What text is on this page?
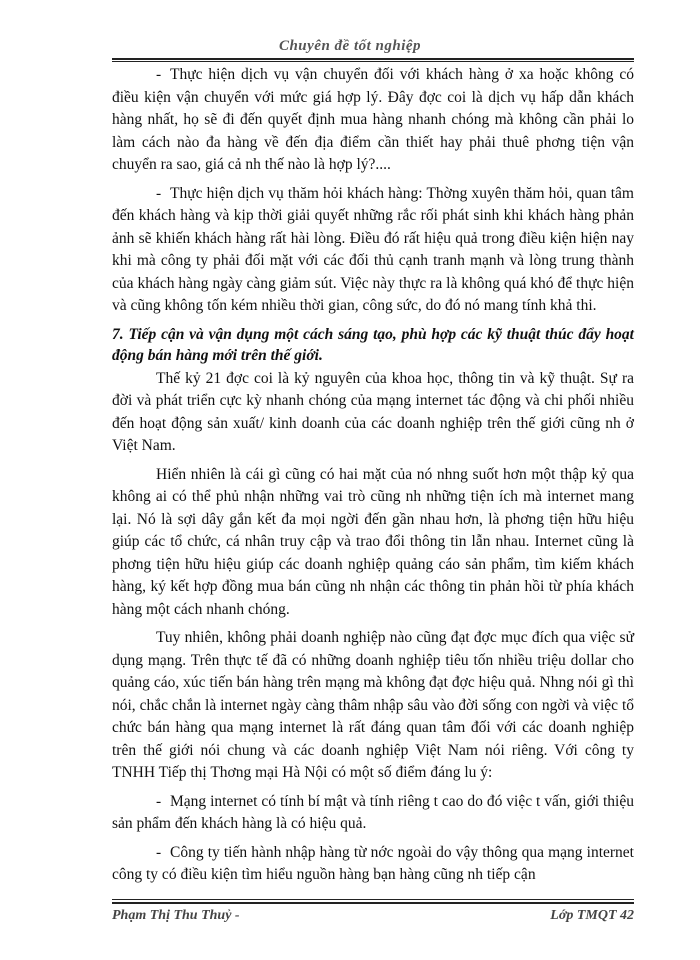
Chuyên đề tốt nghiệp

- Thực hiện dịch vụ vận chuyển đối với khách hàng ở xa hoặc không có điều kiện vận chuyển với mức giá hợp lý. Đây đợc coi là dịch vụ hấp dẫn khách hàng nhất, họ sẽ đi đến quyết định mua hàng nhanh chóng mà không cần phải lo làm cách nào đa hàng về đến địa điểm cần thiết hay phải thuê phơng tiện vận chuyển ra sao, giá cả nh thế nào là hợp lý?....

- Thực hiện dịch vụ thăm hỏi khách hàng: Thờng xuyên thăm hỏi, quan tâm đến khách hàng và kịp thời giải quyết những rắc rối phát sinh khi khách hàng phản ảnh sẽ khiến khách hàng rất hài lòng. Điều đó rất hiệu quả trong điều kiện hiện nay khi mà công ty phải đối mặt với các đối thủ cạnh tranh mạnh và lòng trung thành của khách hàng ngày càng giảm sút. Việc này thực ra là không quá khó để thực hiện và cũng không tốn kém nhiều thời gian, công sức, do đó nó mang tính khả thi.

7. Tiếp cận và vận dụng một cách sáng tạo, phù hợp các kỹ thuật thúc đẩy hoạt động bán hàng mới trên thế giới.

Thế kỷ 21 đợc coi là kỷ nguyên của khoa học, thông tin và kỹ thuật. Sự ra đời và phát triển cực kỳ nhanh chóng của mạng internet tác động và chi phối nhiều đến hoạt động sản xuất/ kinh doanh của các doanh nghiệp trên thế giới cũng nh ở Việt Nam.

Hiển nhiên là cái gì cũng có hai mặt của nó nhng suốt hơn một thập kỷ qua không ai có thể phủ nhận những vai trò cũng nh những tiện ích mà internet mang lại. Nó là sợi dây gắn kết đa mọi ngời đến gần nhau hơn, là phơng tiện hữu hiệu giúp các tổ chức, cá nhân truy cập và trao đổi thông tin lẫn nhau. Internet cũng là phơng tiện hữu hiệu giúp các doanh nghiệp quảng cáo sản phẩm, tìm kiếm khách hàng, ký kết hợp đồng mua bán cũng nh nhận các thông tin phản hồi từ phía khách hàng một cách nhanh chóng.

Tuy nhiên, không phải doanh nghiệp nào cũng đạt đợc mục đích qua việc sử dụng mạng. Trên thực tế đã có những doanh nghiệp tiêu tốn nhiều triệu dollar cho quảng cáo, xúc tiến bán hàng trên mạng mà không đạt đợc hiệu quả. Nhng nói gì thì nói, chắc chắn là internet ngày càng thâm nhập sâu vào đời sống con ngời và việc tổ chức bán hàng qua mạng internet là rất đáng quan tâm đối với các doanh nghiệp trên thế giới nói chung và các doanh nghiệp Việt Nam nói riêng. Với công ty TNHH Tiếp thị Thơng mại Hà Nội có một số điểm đáng lu ý:

- Mạng internet có tính bí mật và tính riêng t cao do đó việc t vấn, giới thiệu sản phẩm đến khách hàng là có hiệu quả.

- Công ty tiến hành nhập hàng từ nớc ngoài do vậy thông qua mạng internet công ty có điều kiện tìm hiểu nguồn hàng bạn hàng cũng nh tiếp cận

Phạm Thị Thu Thuỷ -	Lớp TMQT 42
